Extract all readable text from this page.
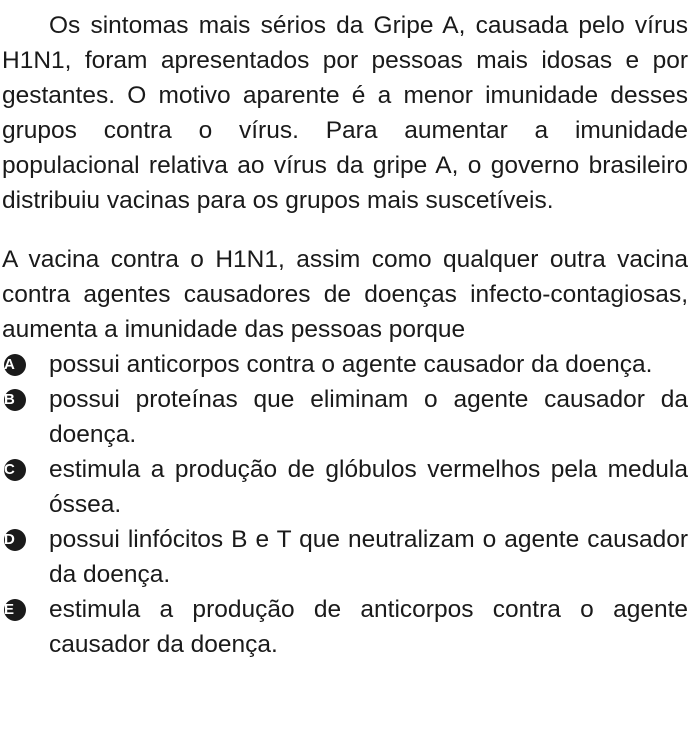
Os sintomas mais sérios da Gripe A, causada pelo vírus H1N1, foram apresentados por pessoas mais idosas e por gestantes. O motivo aparente é a menor imunidade desses grupos contra o vírus. Para aumentar a imunidade populacional relativa ao vírus da gripe A, o governo brasileiro distribuiu vacinas para os grupos mais suscetíveis.

A vacina contra o H1N1, assim como qualquer outra vacina contra agentes causadores de doenças infecto-contagiosas, aumenta a imunidade das pessoas porque

A	possui anticorpos contra o agente causador da doença.
B	possui proteínas que eliminam o agente causador da doença.
C	estimula a produção de glóbulos vermelhos pela medula óssea.
D	possui linfócitos B e T que neutralizam o agente causador da doença.
E	estimula a produção de anticorpos contra o agente causador da doença.
